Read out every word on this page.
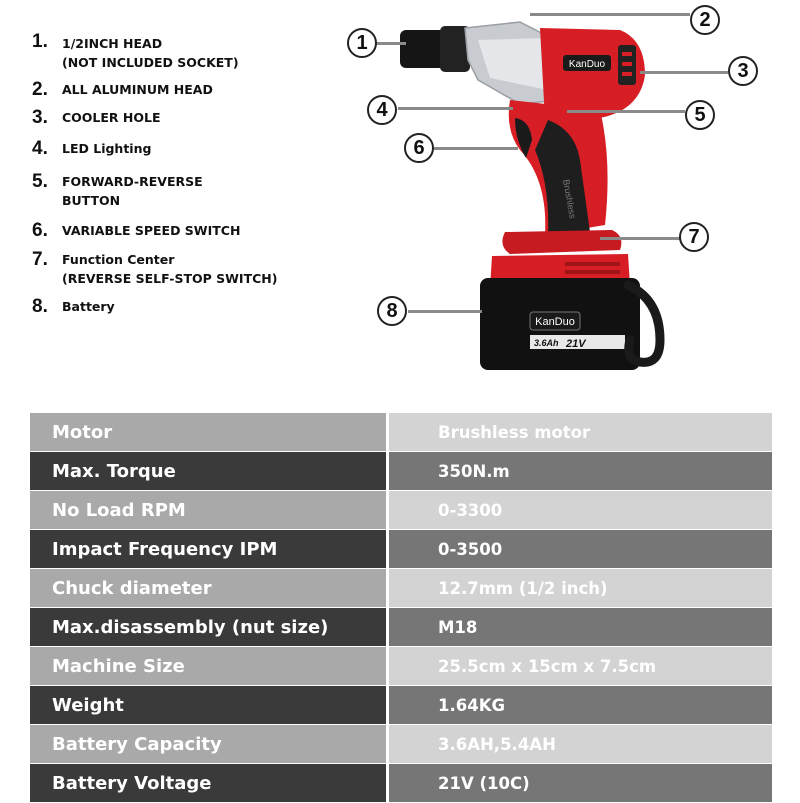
1.	1/2INCH HEAD
(NOT INCLUDED SOCKET)
2.	ALL ALUMINUM HEAD
3.	COOLER HOLE
4.	LED Lighting
5.	FORWARD-REVERSE
BUTTON
6.	VARIABLE SPEED SWITCH
7.	Function Center
(REVERSE SELF-STOP SWITCH)
8.	Battery
KanDuo
Brushless
KanDuo
3.6Ah 21V
1
2
3
4	5
6
7
8
Motor	Brushless motor
Max. Torque	350N.m
No Load RPM	0-3300
Impact Frequency IPM	0-3500
Chuck diameter	12.7mm (1/2 inch)
Max.disassembly (nut size)	M18
Machine Size	25.5cm x 15cm x 7.5cm
Weight	1.64KG
Battery Capacity	3.6AH,5.4AH
Battery Voltage	21V (10C)
